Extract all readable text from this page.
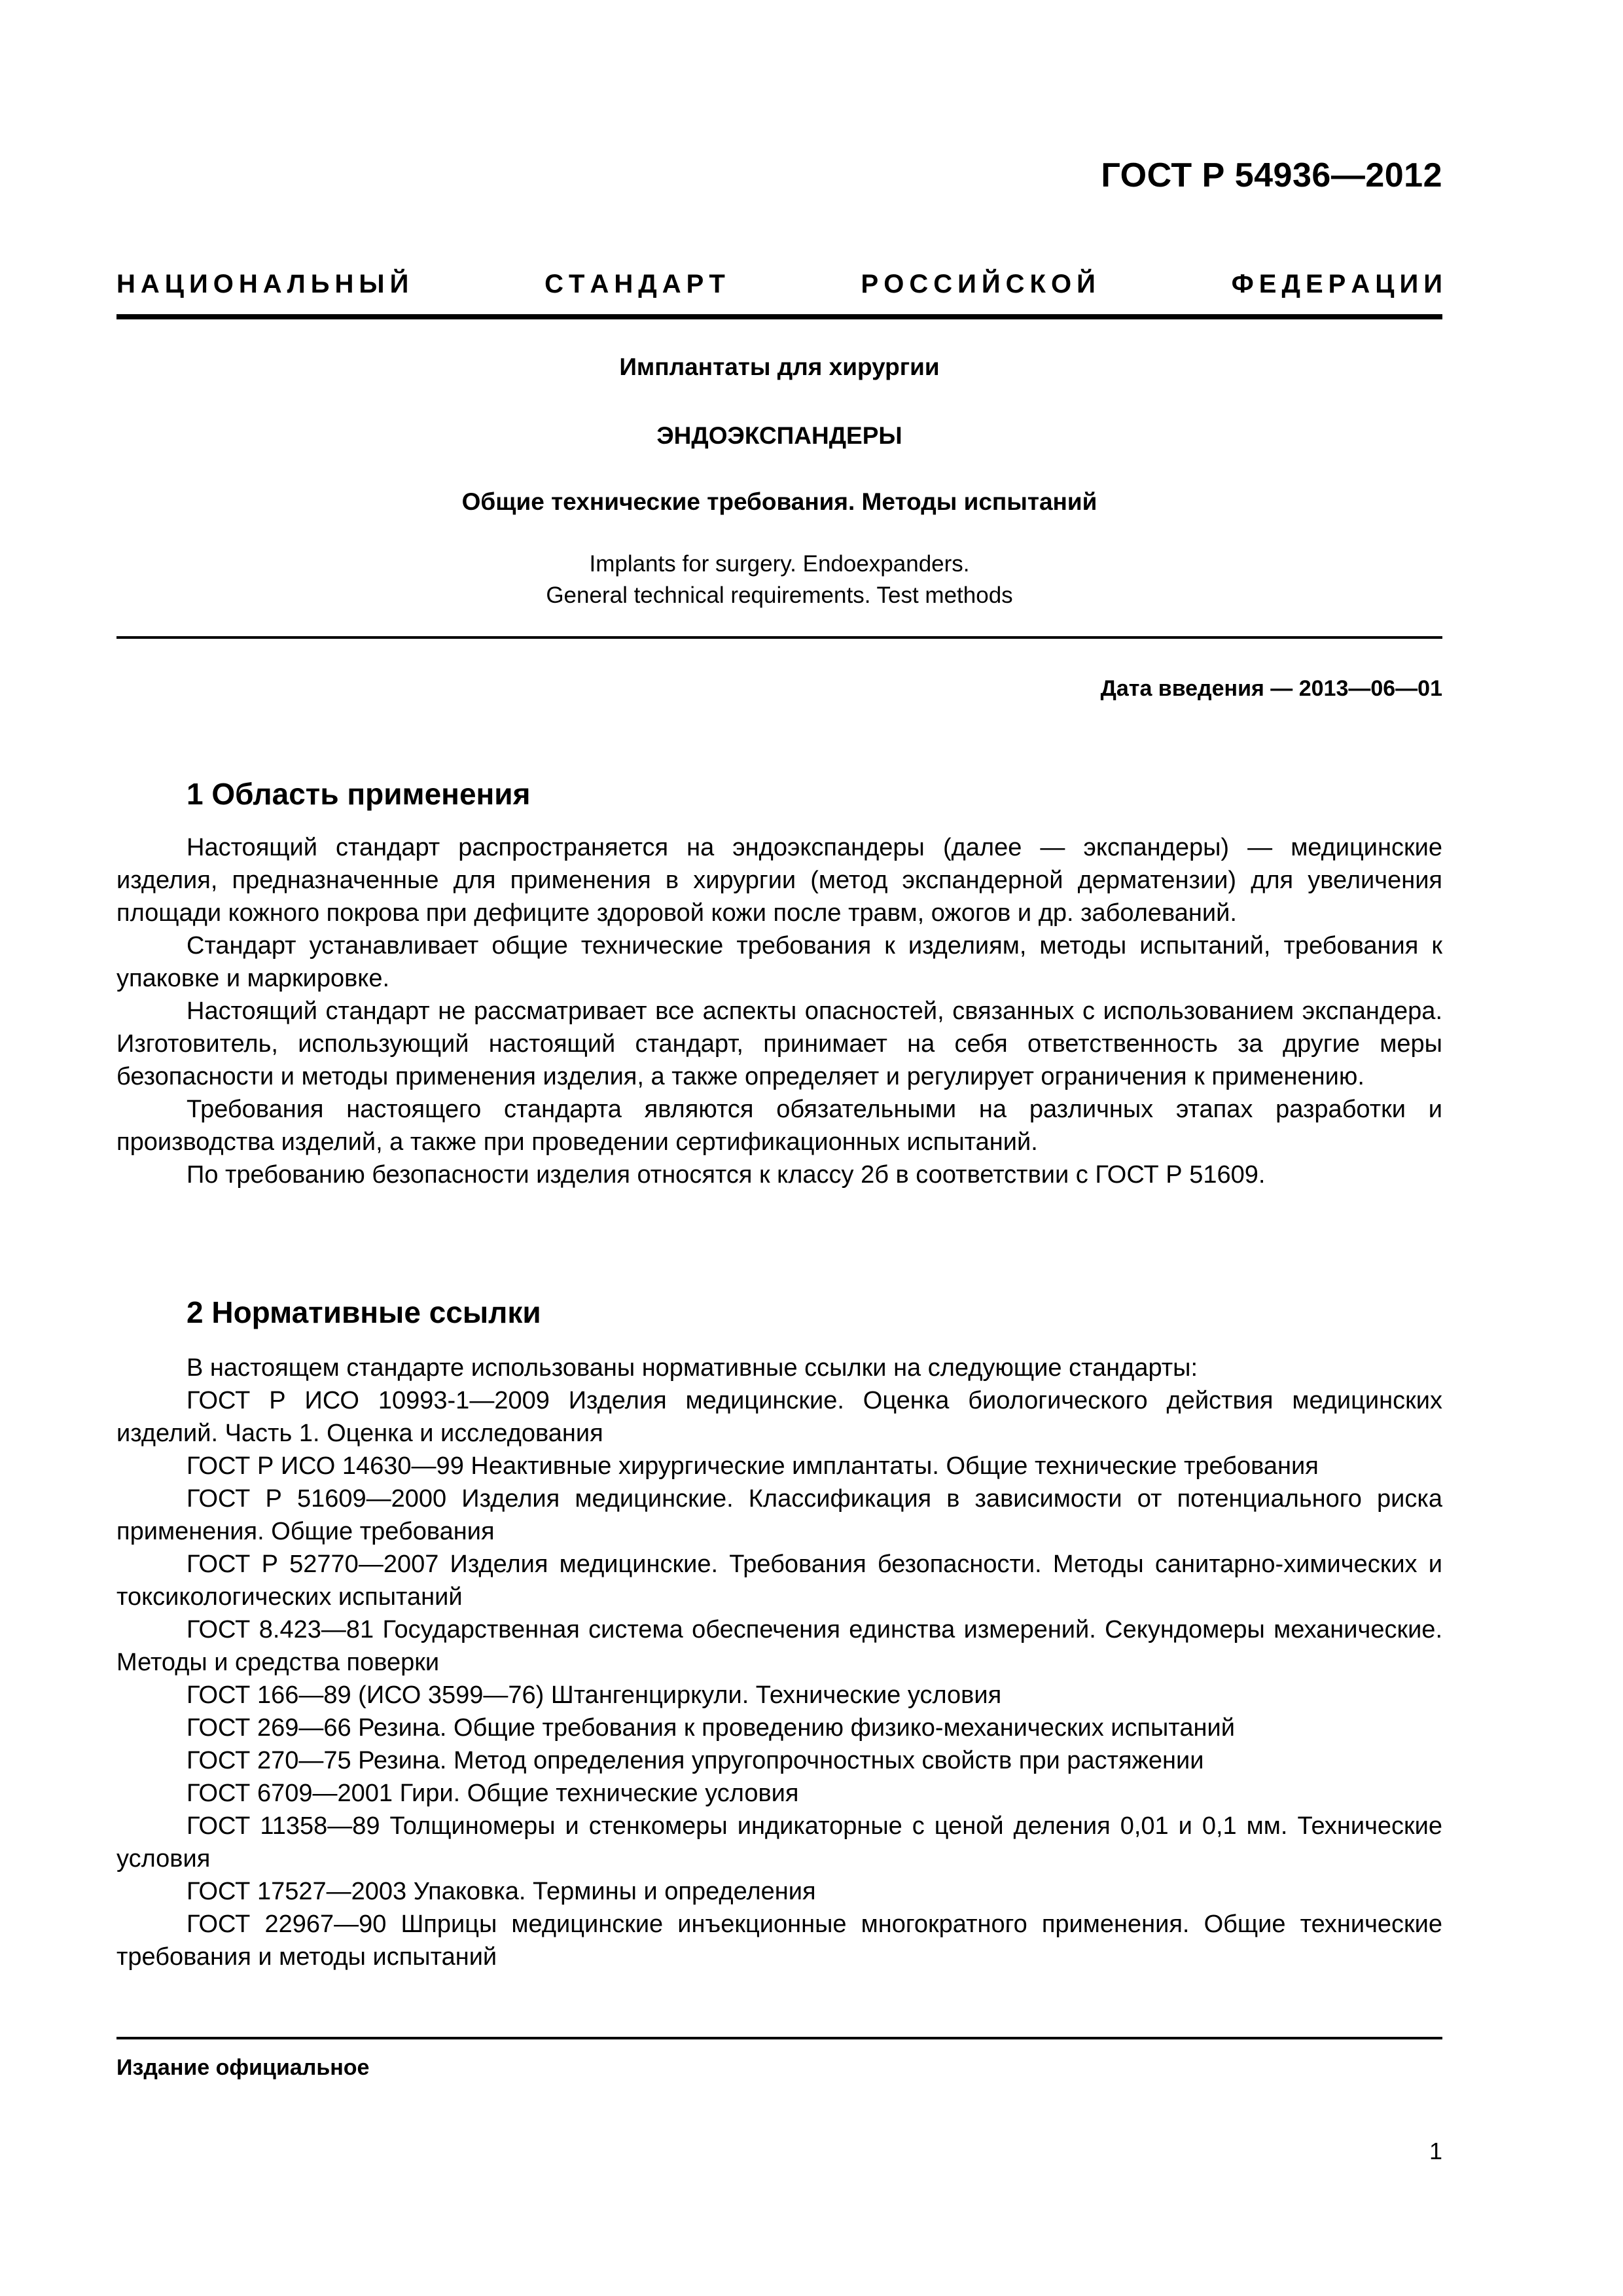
ГОСТ Р 54936—2012
Н А Ц И О Н А Л Ь Н Ы Й	С Т А Н Д А Р Т	Р О С С И Й С К О Й	Ф Е Д Е Р А Ц И И
Имплантаты для хирургии
ЭНДОЭКСПАНДЕРЫ
Общие технические требования. Методы испытаний
Implants for surgery. Endoexpanders.
General technical requirements. Test methods
Дата введения — 2013—06—01
1 Область применения

Настоящий стандарт распространяется на эндоэкспандеры (далее — экспандеры) — медицинские изделия, предназначенные для применения в хирургии (метод экспандерной дерматензии) для увеличения площади кожного покрова при дефиците здоровой кожи после травм, ожогов и др. заболеваний.

Стандарт устанавливает общие технические требования к изделиям, методы испытаний, требования к упаковке и маркировке.

Настоящий стандарт не рассматривает все аспекты опасностей, связанных с использованием экспандера. Изготовитель, использующий настоящий стандарт, принимает на себя ответственность за другие меры безопасности и методы применения изделия, а также определяет и регулирует ограничения к применению.

Требования настоящего стандарта являются обязательными на различных этапах разработки и производства изделий, а также при проведении сертификационных испытаний.

По требованию безопасности изделия относятся к классу 2б в соответствии с ГОСТ Р 51609.

2 Нормативные ссылки

В настоящем стандарте использованы нормативные ссылки на следующие стандарты:

ГОСТ Р ИСО 10993-1—2009 Изделия медицинские. Оценка биологического действия медицинских изделий. Часть 1. Оценка и исследования

ГОСТ Р ИСО 14630—99 Неактивные хирургические имплантаты. Общие технические требования

ГОСТ Р 51609—2000 Изделия медицинские. Классификация в зависимости от потенциального риска применения. Общие требования

ГОСТ Р 52770—2007 Изделия медицинские. Требования безопасности. Методы санитарно-химических и токсикологических испытаний

ГОСТ 8.423—81 Государственная система обеспечения единства измерений. Секундомеры механические. Методы и средства поверки

ГОСТ 166—89 (ИСО 3599—76) Штангенциркули. Технические условия

ГОСТ 269—66 Резина. Общие требования к проведению физико-механических испытаний

ГОСТ 270—75 Резина. Метод определения упругопрочностных свойств при растяжении

ГОСТ 6709—2001 Гири. Общие технические условия

ГОСТ 11358—89 Толщиномеры и стенкомеры индикаторные с ценой деления 0,01 и 0,1 мм. Технические условия

ГОСТ 17527—2003 Упаковка. Термины и определения

ГОСТ 22967—90 Шприцы медицинские инъекционные многократного применения. Общие технические требования и методы испытаний

Издание официальное
1
